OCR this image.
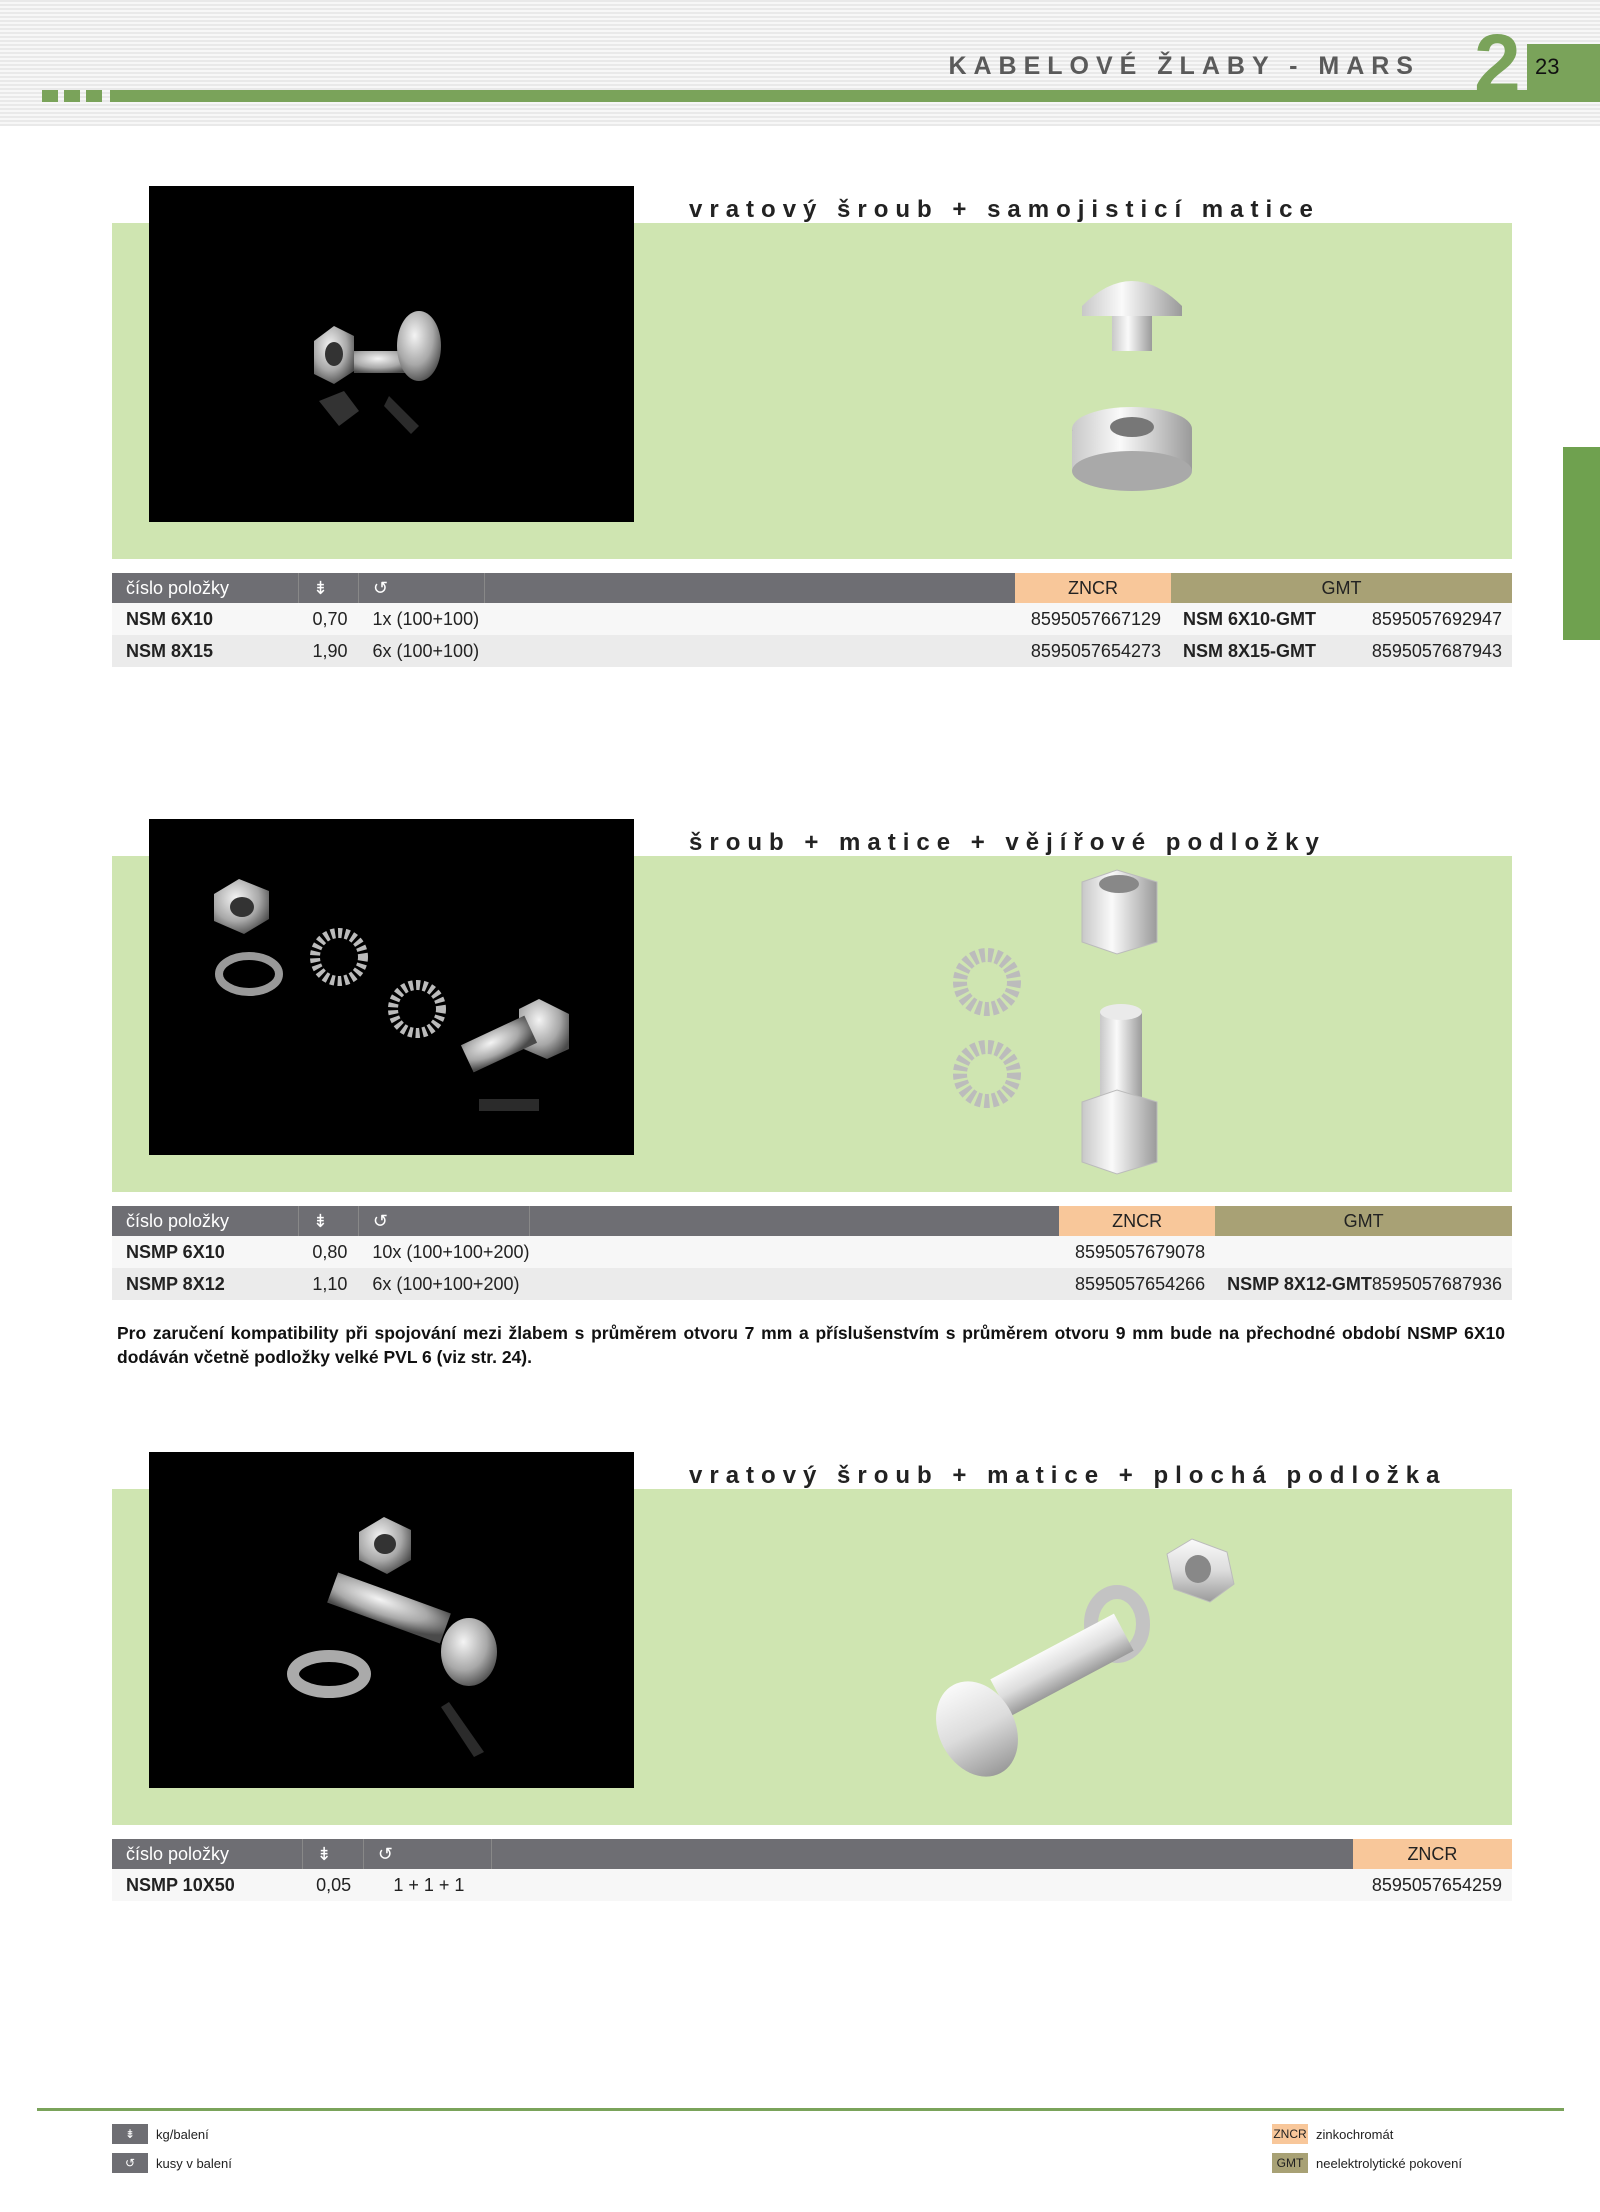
KABELOVÉ ŽLABY - MARS 2 23
vratový šroub + samojisticí matice
číslo položky	⇟	↺		ZNCR	GMT	
NSM 6X10	0,70	1x (100+100)		8595057667129	NSM 6X10-GMT	8595057692947
NSM 8X15	1,90	6x (100+100)		8595057654273	NSM 8X15-GMT	8595057687943
šroub + matice + vějířové podložky
číslo položky	⇟	↺		ZNCR	GMT	
NSMP 6X10	0,80	10x (100+100+200)		8595057679078		
NSMP 8X12	1,10	6x (100+100+200)		8595057654266	NSMP 8X12-GMT	8595057687936
Pro zaručení kompatibility při spojování mezi žlabem s průměrem otvoru 7 mm a příslušenstvím s průměrem otvoru 9 mm bude na přechodné období NSMP 6X10 dodáván včetně podložky velké PVL 6 (viz str. 24).
vratový šroub + matice + plochá podložka
číslo položky	⇟	↺		ZNCR
NSMP 10X50	0,05	1 + 1 + 1		8595057654259
⇟	kg/balení
↺	kusy v balení
ZNCR zinkochromát
GMT neelektrolytické pokovení
